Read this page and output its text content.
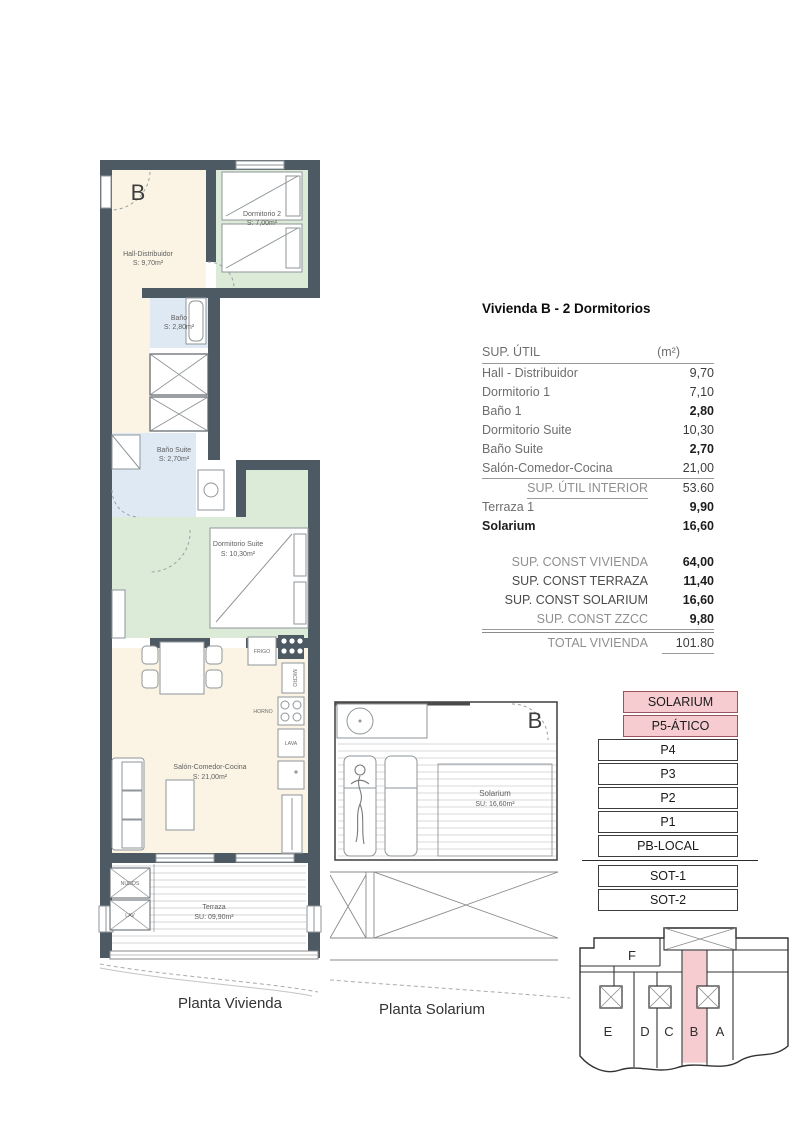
B
Hall-Distribuidor
S: 9,70m²
Dormitorio 2
S: 7,00m²
Baño
S: 2,80m²
Baño Suite
S: 2,70m²
Dormitorio Suite
S: 10,30m²
Salón-Comedor-Cocina
S: 21,00m²
Terraza
SU: 09,90m²
FRIGO
MICRO
HORNO
LAVA
NUDOS
LAV
Planta Vivienda
Solarium
SU: 16,60m²
B
Planta Solarium

Vivienda B - 2 Dormitorios

SUP. ÚTIL	(m²)
Hall - Distribuidor	9,70
Dormitorio 1	7,10
Baño 1	2,80
Dormitorio Suite	10,30
Baño Suite	2,70
Salón-Comedor-Cocina	21,00
SUP. ÚTIL INTERIOR	53.60
Terraza 1	9,90
Solarium	16,60
SUP. CONST VIVIENDA	64,00
SUP. CONST TERRAZA	11,40
SUP. CONST SOLARIUM	16,60
SUP. CONST ZZCC	9,80
TOTAL VIVIENDA	101.80
SOLARIUM
P5-ÁTICO
P4
P3
P2
P1
PB-LOCAL
SOT-1
SOT-2
F
E D C B A
